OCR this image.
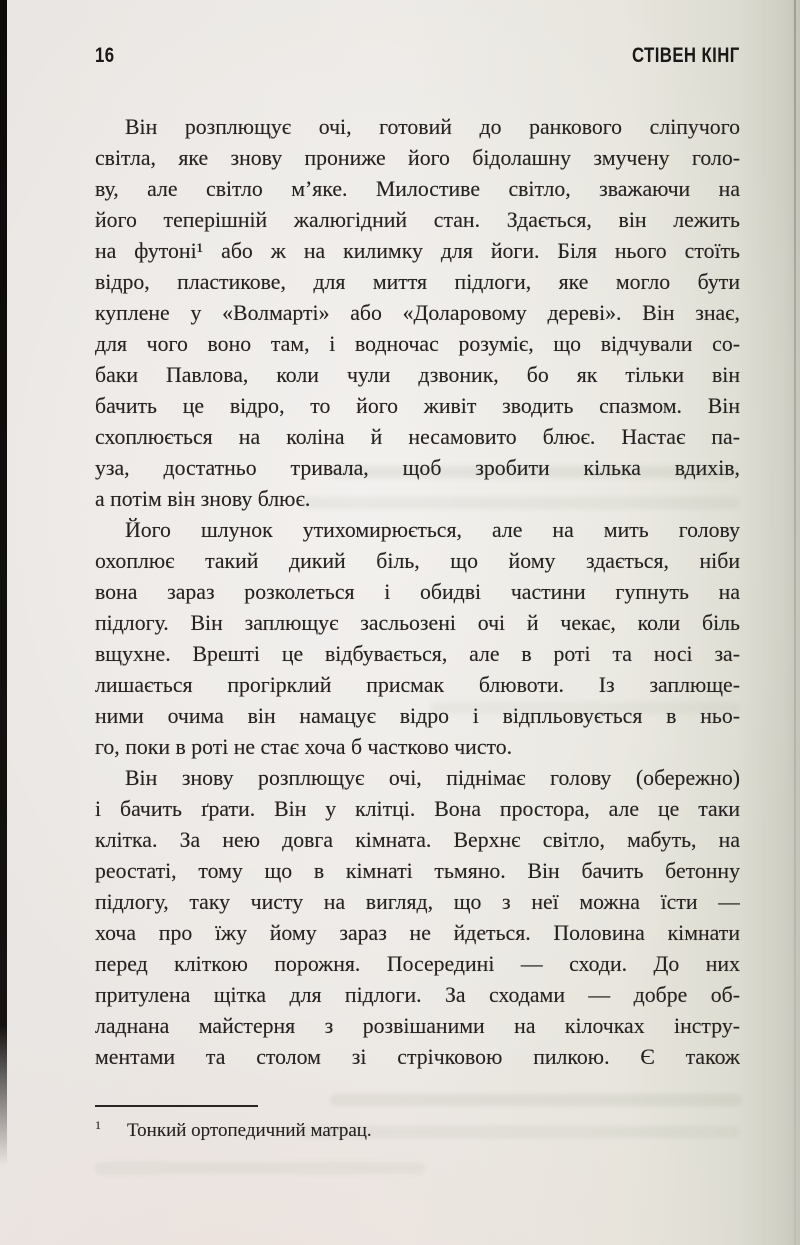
16	СТІВЕН КІНГ
Він розплющує очі, готовий до ранкового сліпучого
світла, яке знову прониже його бідолашну змучену голо-
ву, але світло м’яке. Милостиве світло, зважаючи на
його теперішній жалюгідний стан. Здається, він лежить
на футоні¹ або ж на килимку для йоги. Біля нього стоїть
відро, пластикове, для миття підлоги, яке могло бути
куплене у «Волмарті» або «Доларовому дереві». Він знає,
для чого воно там, і водночас розуміє, що відчували со-
баки Павлова, коли чули дзвоник, бо як тільки він
бачить це відро, то його живіт зводить спазмом. Він
схоплюється на коліна й несамовито блює. Настає па-
уза, достатньо тривала, щоб зробити кілька вдихів,
а потім він знову блює.
Його шлунок утихомирюється, але на мить голову
охоплює такий дикий біль, що йому здається, ніби
вона зараз розколеться і обидві частини гупнуть на
підлогу. Він заплющує засльозені очі й чекає, коли біль
вщухне. Врешті це відбувається, але в роті та носі за-
лишається прогірклий присмак блювоти. Із заплюще-
ними очима він намацує відро і відпльовується в ньо-
го, поки в роті не стає хоча б частково чисто.
Він знову розплющує очі, піднімає голову (обережно)
і бачить ґрати. Він у клітці. Вона простора, але це таки
клітка. За нею довга кімната. Верхнє світло, мабуть, на
реостаті, тому що в кімнаті тьмяно. Він бачить бетонну
підлогу, таку чисту на вигляд, що з неї можна їсти —
хоча про їжу йому зараз не йдеться. Половина кімнати
перед кліткою порожня. Посередині — сходи. До них
притулена щітка для підлоги. За сходами — добре об-
ладнана майстерня з розвішаними на кілочках інстру-
ментами та столом зі стрічковою пилкою. Є також
$^1$ Тонкий ортопедичний матрац.
